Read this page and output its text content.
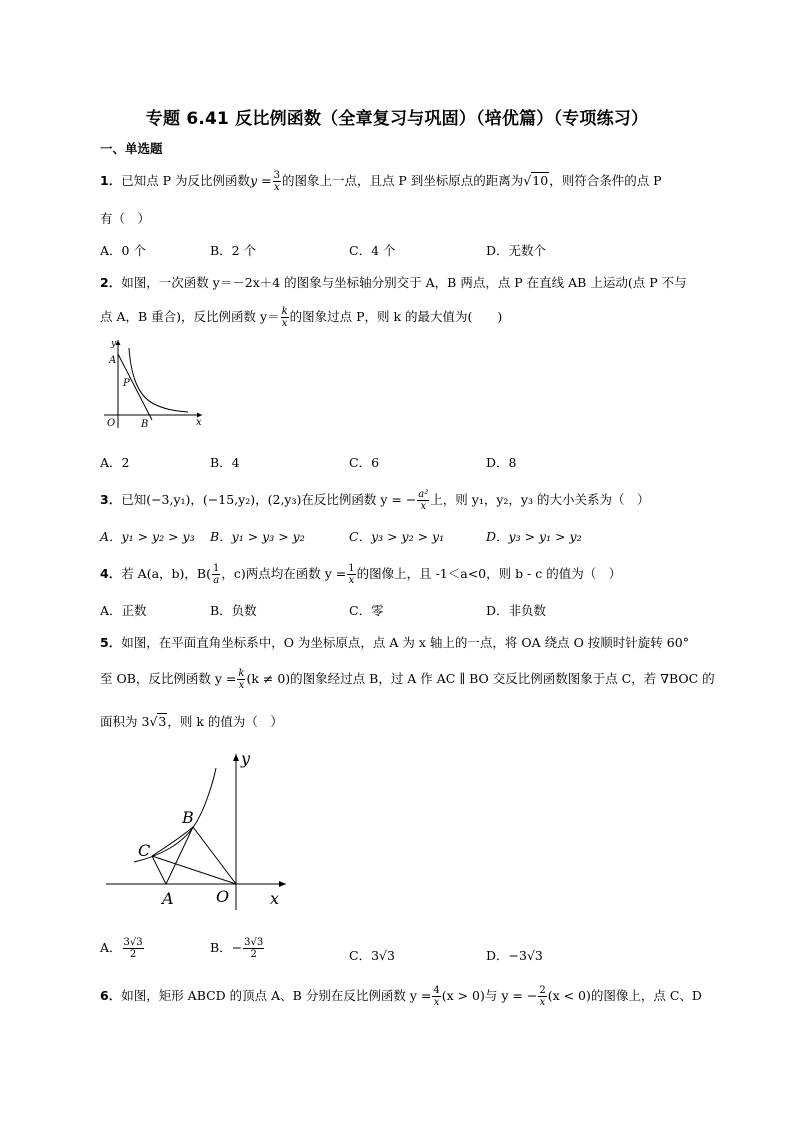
专题 6.41 反比例函数（全章复习与巩固）（培优篇）（专项练习）
一、单选题
1．已知点 P 为反比例函数$y = \frac{3}{x}$ 的图象上一点，且点 P 到坐标原点的距离为√10，则符合条件的点 P
有（　）
A．0 个	B．2 个	C．4 个	D．无数个
2．如图，一次函数 y＝－2x＋4 的图象与坐标轴分别交于 A，B 两点，点 P 在直线 AB 上运动(点 P 不与
点 A，B 重合)，反比例函数 $y= \frac{k}{x}$ 的图象过点 P，则 k 的最大值为(　　)
y
A
P
O	B	x
A．2	B．4	C．6	D．8
3．已知(−3,y₁)，(−15,y₂)，(2,y₃)在反比例函数 y = − $\frac{\text{a²}}{x}$ 上，则 y₁，y₂，y₃ 的大小关系为（　）
A．y₁ > y₂ > y₃ B．y₁ > y₃ > y₂	C．y₃ > y₂ > y₁	D．y₃ > y₁ > y₂
4．若 A(a，b)，$B( \frac{1}{a}$ ，c)两点均在函数 $y = \frac{1}{x}$ 的图像上，且 -1＜a<0，则 b - c 的值为（　）
A．正数	B．负数	C．零	D．非负数
5．如图，在平面直角坐标系中，O 为坐标原点，点 A 为 x 轴上的一点，将 OA 绕点 O 按顺时针旋转 60°
至 OB，反比例函数 $y = \frac{k}{x} (k \ne 0)$的图象经过点 B，过 A 作 AC ∥ BO 交反比例函数图象于点 C，若 ∇BOC 的
面积为 3√3，则 k 的值为（　）
y
B
C
A	O	x
A． $\frac{3√3}{2}$	B．− $\frac{3√3}{2}$	C．3√3	D．−3√3
6．如图，矩形 ABCD 的顶点 A、B 分别在反比例函数 $y = \frac{4}{x} (x > 0)$与 y = − $\frac{2}{x} (x < 0)$的图像上，点 C、D
